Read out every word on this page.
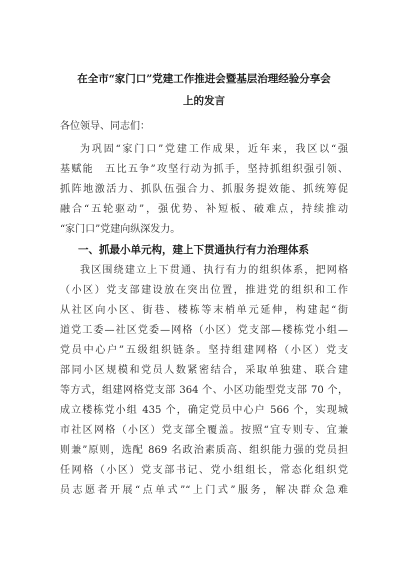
在全市“家门口”党建工作推进会暨基层治理经验分享会
上的发言
各位领导、同志们：
为巩固“家门口”党建工作成果，近年来，我区以“强
基赋能　五比五争”攻坚行动为抓手，坚持抓组织强引领、
抓阵地激活力、抓队伍强合力、抓服务提效能、抓统筹促
融合“五轮驱动”，强优势、补短板、破难点，持续推动
“家门口”党建向纵深发力。
一、抓最小单元构，建上下贯通执行有力治理体系
我区围绕建立上下贯通、执行有力的组织体系，把网格
（小区）党支部建设放在突出位置，推进党的组织和工作
从社区向小区、街巷、楼栋等末梢单元延伸，构建起“街
道党工委—社区党委—网格（小区）党支部—楼栋党小组—
党员中心户”五级组织链条。坚持组建网格（小区）党支
部同小区规模和党员人数紧密结合，采取单独建、联合建
等方式，组建网格党支部 364 个、小区功能型党支部 70 个，
成立楼栋党小组 435 个，确定党员中心户 566 个，实现城
市社区网格（小区）党支部全覆盖。按照“宜专则专、宜兼
则兼”原则，选配 869 名政治素质高、组织能力强的党员担
任网格（小区）党支部书记、党小组组长，常态化组织党
员志愿者开展“点单式”“上门式”服务，解决群众急难
